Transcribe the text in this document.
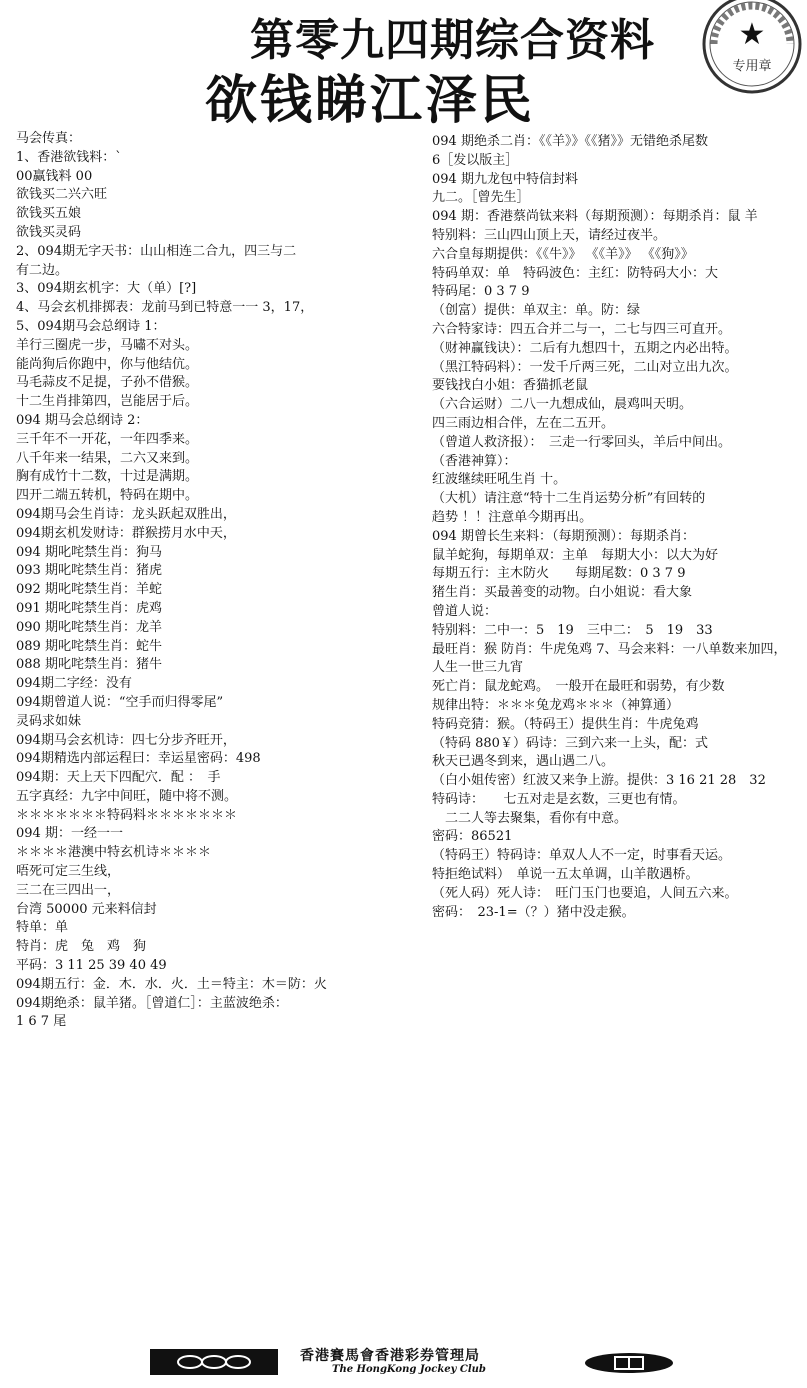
第零九四期综合资料
欲钱睇江泽民
★
专用章
马会传真：
1、香港欲钱料：`
00赢钱料 00
欲钱买二兴六旺
欲钱买五娘
欲钱买灵码
2、094期无字天书：山山相连二合九，四三与二
有二边。
3、094期玄机字：大（单）[?]
4、马会玄机排掷表：龙前马到已特意一一 3，17，
5、094期马会总纲诗 1：
羊行三圈虎一步，马嘯不对头。
能尚狗后你跑中，你与他结伉。
马毛蒜皮不足提，子孙不借猴。
十二生肖排第四，岂能居于后。
094 期马会总纲诗 2：
三千年不一开花，一年四季来。
八千年来一结果，二六又来到。
胸有成竹十二数，十过是满期。
四开二端五转机，特码在期中。
094期马会生肖诗：龙头跃起双胜出，
094期玄机发财诗：群猴捞月水中天，
094 期叱咤禁生肖：狗马
093 期叱咤禁生肖：猪虎
092 期叱咤禁生肖：羊蛇
091 期叱咤禁生肖：虎鸡
090 期叱咤禁生肖：龙羊
089 期叱咤禁生肖：蛇牛
088 期叱咤禁生肖：猪牛
094期二字经：没有
094期曾道人说：“空手而归得零尾”
灵码求如妹
094期马会玄机诗：四七分步齐旺开，
094期精选内部运程曰：幸运星密码：498
094期：天上天下四配穴．配 ：　手
五字真经：九字中间旺，随中将不测。
＊＊＊＊＊＊＊特码料＊＊＊＊＊＊＊
094 期：一经一一
＊＊＊＊港澳中特玄机诗＊＊＊＊
唔死可定三生线，
三二在三四出一，
台湾 50000 元来料信封
特单：单
特肖：虎　兔　鸡　狗
平码：3 11 25 39 40 49
094期五行：金．木．水．火．土＝特主：木＝防：火
094期绝杀：鼠羊猪。［曾道仁］：主蓝波绝杀：
1 6 7 尾
094 期绝杀二肖：《《羊》》《《猪》》无错绝杀尾数
6［发以版主］
094 期九龙包中特信封料
九二。［曾先生］
094 期：香港蔡尚钛来料（每期预测）：每期杀肖：鼠 羊
特别料：三山四山顶上天，请经过夜半。
六合皇每期提供：《《牛》》 《《羊》》 《《狗》》
特码单双：单　特码波色：主红：防特码大小：大
特码尾：0 3 7 9
（创富）提供：单双主：单。防：绿
六合特家诗：四五合并二与一，二七与四三可直开。
（财神赢钱诀）：二后有九想四十，五期之内必出特。
（黑江特码料）：一发千斤两三死，二山对立出九次。
要钱找白小姐：香猫抓老鼠
（六合运财）二八一九想成仙，晨鸡叫天明。
四三雨边相合伴，左在二五开。
（曾道人救济报）：　三走一行零回头，羊后中间出。
（香港神算）：
红波继续旺吼生肖 十。
（大机）请注意“特十二生肖运势分析”有回转的
趋势 ！！注意单今期再出。
094 期曾长生来料：（每期预测）：每期杀肖：
鼠羊蛇狗，每期单双：主单　每期大小：以大为好
每期五行：主木防火　　每期尾数：0 3 7 9
猪生肖：买最善变的动物。白小姐说：看大象
曾道人说：
特别料：二中一：5　19　三中二：　5　19　33
最旺肖：猴 防肖：牛虎兔鸡 7、马会来料：一八单数来加四，
人生一世三九宵
死亡肖：鼠龙蛇鸡。　一般开在最旺和弱势，有少数
规律出特：＊＊＊兔龙鸡＊＊＊（神算通）
特码竞猜：猴。（特码王）提供生肖：牛虎兔鸡
（特码 880￥）码诗：三到六来一上头，配：式
秋天已遇冬到来，遇山遇二八。
（白小姐传密）红波又来争上游。提供：3 16 21 28　32
特码诗：　　七五对走是玄数，三更也有情。
　二二人等去聚集，看你有中意。
密码：86521
（特码王）特码诗：单双人人不一定，时事看天运。
特拒绝试料）　单说一五太单调，山羊散遇桥。
（死人码）死人诗：　旺门玉门也要追，人间五六来。
密码：　23-1=（？）猪中没走猴。
香港賽馬會香港彩券管理局
The HongKong Jockey Club
